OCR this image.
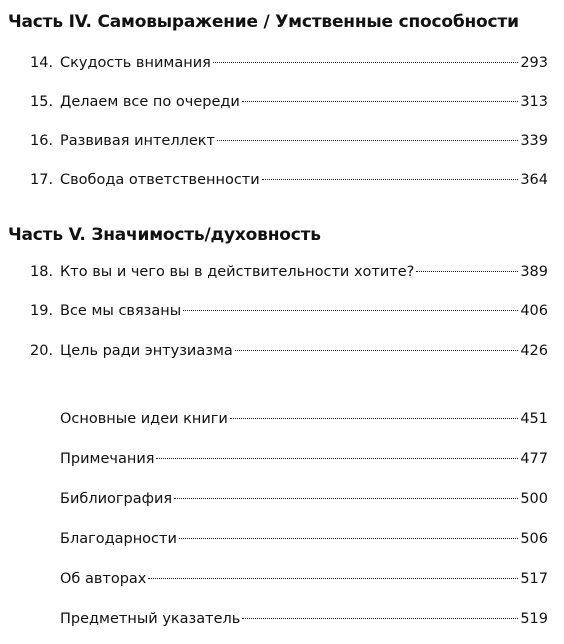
Часть IV. Самовыражение / Умственные способности
14. Скудость внимания	293
15. Делаем все по очереди	313
16. Развивая интеллект	339
17. Свобода ответственности	364
Часть V. Значимость/духовность
18. Кто вы и чего вы в действительности хотите?	389
19. Все мы связаны	406
20. Цель ради энтузиазма	426
Основные идеи книги	451
Примечания	477
Библиография	500
Благодарности	506
Об авторах	517
Предметный указатель	519
